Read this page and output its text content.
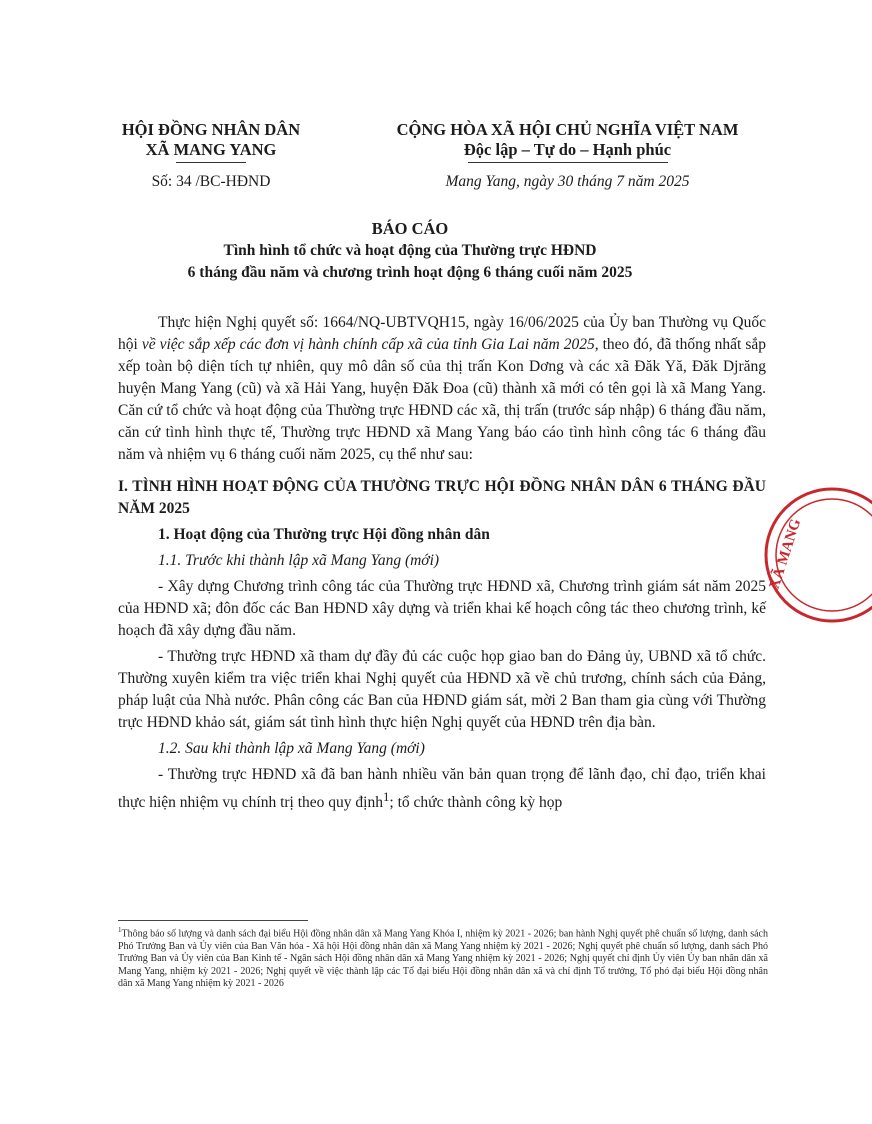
HỘI ĐỒNG NHÂN DÂN
XÃ MANG YANG
Số: 34 /BC-HĐND
CỘNG HÒA XÃ HỘI CHỦ NGHĨA VIỆT NAM
Độc lập – Tự do – Hạnh phúc
Mang Yang, ngày 30 tháng 7 năm 2025
BÁO CÁO
Tình hình tổ chức và hoạt động của Thường trực HĐND
6 tháng đầu năm và chương trình hoạt động 6 tháng cuối năm 2025

Thực hiện Nghị quyết số: 1664/NQ-UBTVQH15, ngày 16/06/2025 của Ủy ban Thường vụ Quốc hội về việc sắp xếp các đơn vị hành chính cấp xã của tỉnh Gia Lai năm 2025, theo đó, đã thống nhất sắp xếp toàn bộ diện tích tự nhiên, quy mô dân số của thị trấn Kon Dơng và các xã Đăk Yă, Đăk Djrăng huyện Mang Yang (cũ) và xã Hải Yang, huyện Đăk Đoa (cũ) thành xã mới có tên gọi là xã Mang Yang. Căn cứ tổ chức và hoạt động của Thường trực HĐND các xã, thị trấn (trước sáp nhập) 6 tháng đầu năm, căn cứ tình hình thực tế, Thường trực HĐND xã Mang Yang báo cáo tình hình công tác 6 tháng đầu năm và nhiệm vụ 6 tháng cuối năm 2025, cụ thể như sau:

I. TÌNH HÌNH HOẠT ĐỘNG CỦA THƯỜNG TRỰC HỘI ĐỒNG NHÂN DÂN 6 THÁNG ĐẦU NĂM 2025

1. Hoạt động của Thường trực Hội đồng nhân dân

1.1. Trước khi thành lập xã Mang Yang (mới)

- Xây dựng Chương trình công tác của Thường trực HĐND xã, Chương trình giám sát năm 2025 của HĐND xã; đôn đốc các Ban HĐND xây dựng và triển khai kế hoạch công tác theo chương trình, kế hoạch đã xây dựng đầu năm.

- Thường trực HĐND xã tham dự đầy đủ các cuộc họp giao ban do Đảng ủy, UBND xã tổ chức. Thường xuyên kiểm tra việc triển khai Nghị quyết của HĐND xã về chủ trương, chính sách của Đảng, pháp luật của Nhà nước. Phân công các Ban của HĐND giám sát, mời 2 Ban tham gia cùng với Thường trực HĐND khảo sát, giám sát tình hình thực hiện Nghị quyết của HĐND trên địa bàn.

1.2. Sau khi thành lập xã Mang Yang (mới)

- Thường trực HĐND xã đã ban hành nhiều văn bản quan trọng để lãnh đạo, chỉ đạo, triển khai thực hiện nhiệm vụ chính trị theo quy định$^1$; tổ chức thành công kỳ họp

$^1$Thông báo số lượng và danh sách đại biểu Hội đồng nhân dân xã Mang Yang Khóa I, nhiệm kỳ 2021 - 2026; ban hành Nghị quyết phê chuẩn số lượng, danh sách Phó Trưởng Ban và Ủy viên của Ban Văn hóa - Xã hội Hội đồng nhân dân xã Mang Yang nhiệm kỳ 2021 - 2026; Nghị quyết phê chuẩn số lượng, danh sách Phó Trưởng Ban và Ủy viên của Ban Kinh tế - Ngân sách Hội đồng nhân dân xã Mang Yang nhiệm kỳ 2021 - 2026; Nghị quyết chỉ định Ủy viên Ủy ban nhân dân xã Mang Yang, nhiệm kỳ 2021 - 2026; Nghị quyết về việc thành lập các Tổ đại biểu Hội đồng nhân dân xã và chỉ định Tổ trưởng, Tổ phó đại biểu Hội đồng nhân dân xã Mang Yang nhiệm kỳ 2021 - 2026
XÃ MANG
